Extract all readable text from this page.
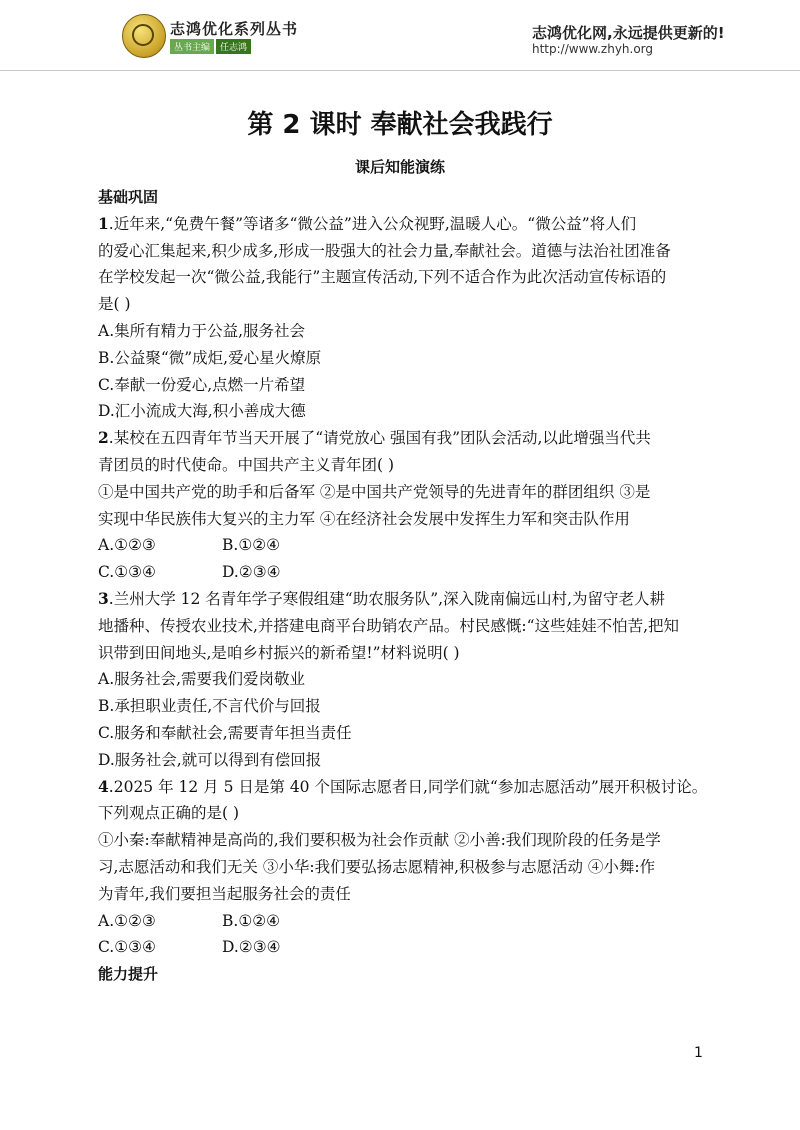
志鸿优化系列丛书
丛书主编	任志鸿
志鸿优化网,永远提供更新的!
http://www.zhyh.org
第 2 课时 奉献社会我践行
课后知能演练
基础巩固
1.近年来,“免费午餐”等诸多“微公益”进入公众视野,温暖人心。“微公益”将人们
的爱心汇集起来,积少成多,形成一股强大的社会力量,奉献社会。道德与法治社团准备
在学校发起一次“微公益,我能行”主题宣传活动,下列不适合作为此次活动宣传标语的
是( )
A.集所有精力于公益,服务社会
B.公益聚“微”成炬,爱心星火燎原
C.奉献一份爱心,点燃一片希望
D.汇小流成大海,积小善成大德
2.某校在五四青年节当天开展了“请党放心 强国有我”团队会活动,以此增强当代共
青团员的时代使命。中国共产主义青年团( )
①是中国共产党的助手和后备军 ②是中国共产党领导的先进青年的群团组织 ③是
实现中华民族伟大复兴的主力军 ④在经济社会发展中发挥生力军和突击队作用
A.①②③	B.①②④
C.①③④	D.②③④
3.兰州大学 12 名青年学子寒假组建“助农服务队”,深入陇南偏远山村,为留守老人耕
地播种、传授农业技术,并搭建电商平台助销农产品。村民感慨:“这些娃娃不怕苦,把知
识带到田间地头,是咱乡村振兴的新希望!”材料说明( )
A.服务社会,需要我们爱岗敬业
B.承担职业责任,不言代价与回报
C.服务和奉献社会,需要青年担当责任
D.服务社会,就可以得到有偿回报
4.2025 年 12 月 5 日是第 40 个国际志愿者日,同学们就“参加志愿活动”展开积极讨论。
下列观点正确的是( )
①小秦:奉献精神是高尚的,我们要积极为社会作贡献 ②小善:我们现阶段的任务是学
习,志愿活动和我们无关 ③小华:我们要弘扬志愿精神,积极参与志愿活动 ④小舞:作
为青年,我们要担当起服务社会的责任
A.①②③	B.①②④
C.①③④	D.②③④
能力提升
1
